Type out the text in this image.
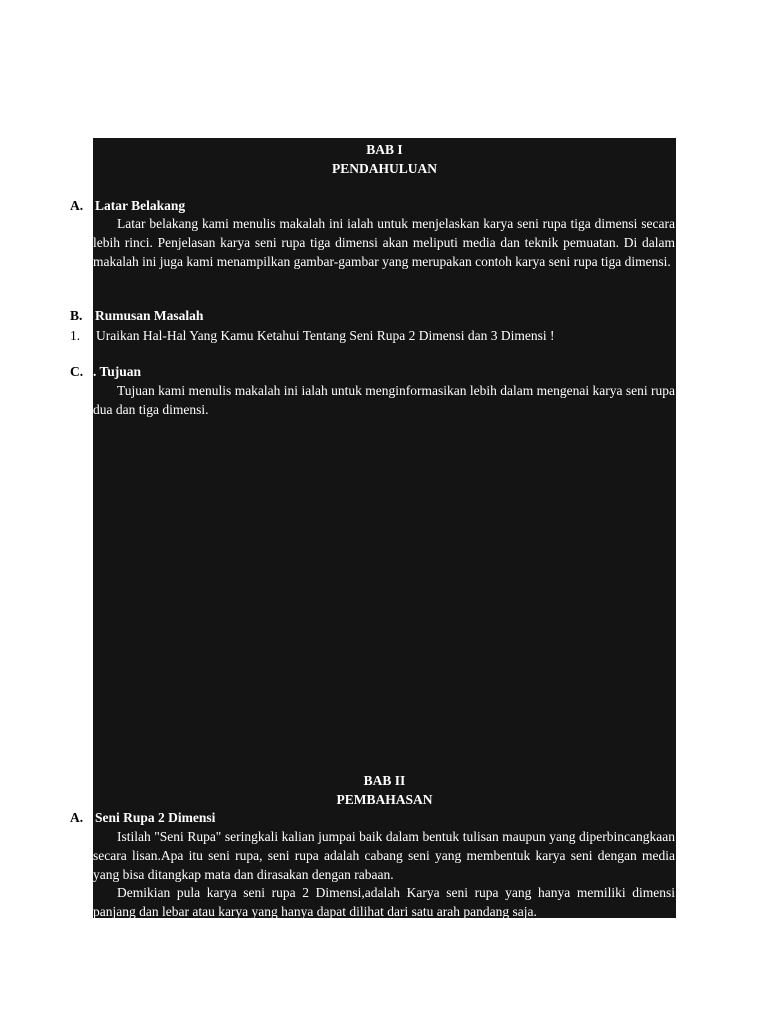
BAB I
PENDAHULUAN
A. Latar Belakang
Latar belakang kami menulis makalah ini ialah untuk menjelaskan karya seni rupa tiga dimensi secara lebih rinci. Penjelasan karya seni rupa tiga dimensi akan meliputi media dan teknik pemuatan. Di dalam makalah ini juga kami menampilkan gambar-gambar yang merupakan contoh karya seni rupa tiga dimensi.
B. Rumusan Masalah
1. Uraikan Hal-Hal Yang Kamu Ketahui Tentang Seni Rupa 2 Dimensi dan 3 Dimensi !
C. . Tujuan
Tujuan kami menulis makalah ini ialah untuk menginformasikan lebih dalam mengenai karya seni rupa dua dan tiga dimensi.
BAB II
PEMBAHASAN
A. Seni Rupa 2 Dimensi
Istilah "Seni Rupa" seringkali kalian jumpai baik dalam bentuk tulisan maupun yang diperbincangkaan secara lisan.Apa itu seni rupa, seni rupa adalah cabang seni yang membentuk karya seni dengan media yang bisa ditangkap mata dan dirasakan dengan rabaan.
Demikian pula karya seni rupa 2 Dimensi,adalah Karya seni rupa yang hanya memiliki dimensi panjang dan lebar atau karya yang hanya dapat dilihat dari satu arah pandang saja.
